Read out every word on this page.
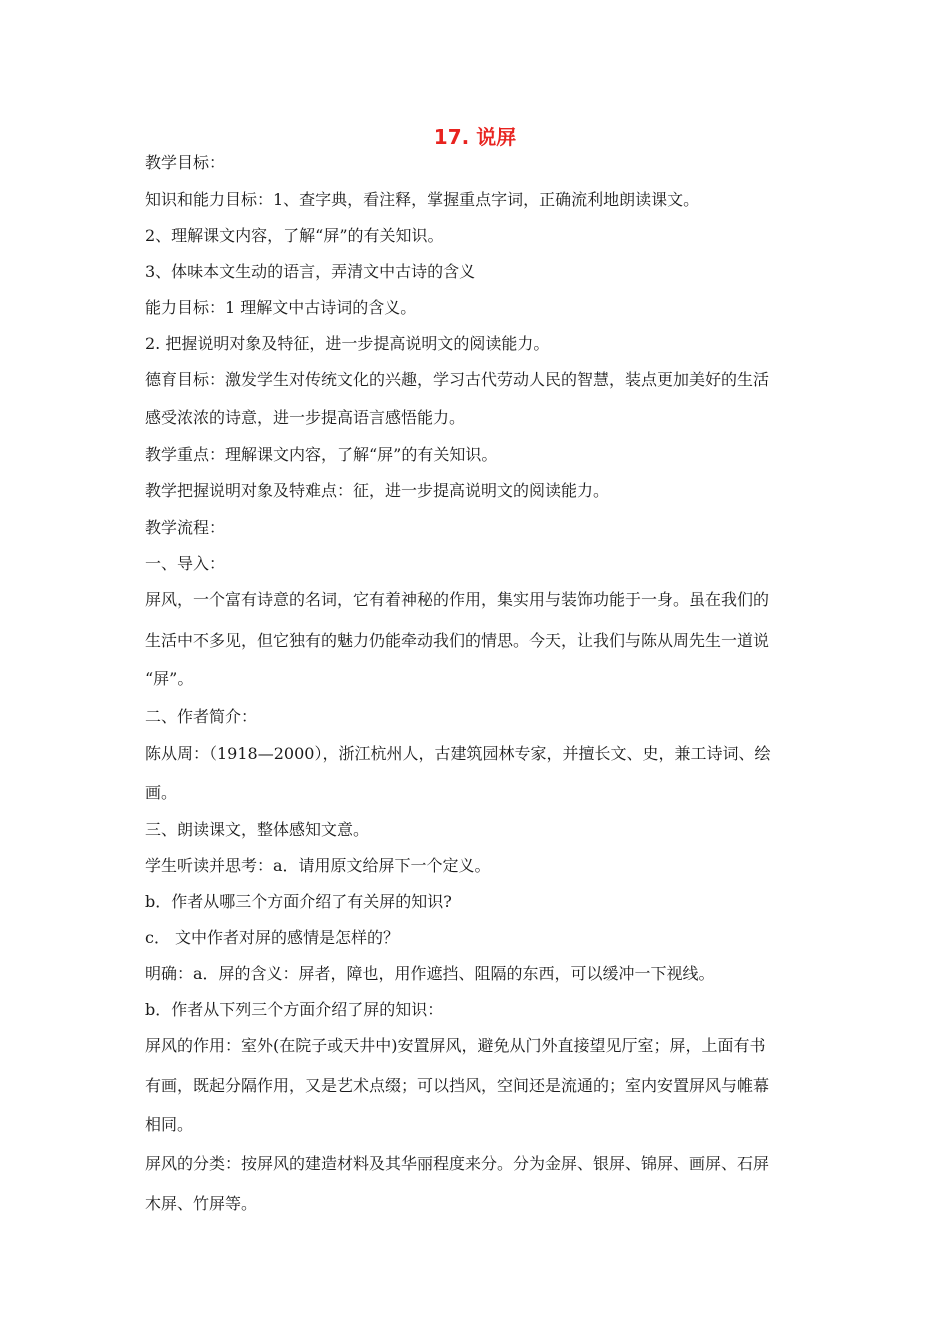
17. 说屏
教学目标：
知识和能力目标：1、查字典，看注释，掌握重点字词，正确流利地朗读课文。
2、理解课文内容，了解“屏”的有关知识。
3、体味本文生动的语言，弄清文中古诗的含义
能力目标：1 理解文中古诗词的含义。
2. 把握说明对象及特征，进一步提高说明文的阅读能力。
德育目标：激发学生对传统文化的兴趣，学习古代劳动人民的智慧，装点更加美好的生活
感受浓浓的诗意，进一步提高语言感悟能力。
教学重点：理解课文内容，了解“屏”的有关知识。
教学把握说明对象及特难点：征，进一步提高说明文的阅读能力。
教学流程：
一、导入：
屏风，一个富有诗意的名词，它有着神秘的作用，集实用与装饰功能于一身。虽在我们的
生活中不多见，但它独有的魅力仍能牵动我们的情思。今天，让我们与陈从周先生一道说
“屏”。
二、作者简介：
陈从周：（1918—2000），浙江杭州人，古建筑园林专家，并擅长文、史，兼工诗词、绘
画。
三、朗读课文，整体感知文意。
学生听读并思考：a．请用原文给屏下一个定义。
b．作者从哪三个方面介绍了有关屏的知识?
c． 文中作者对屏的感情是怎样的？
明确：a．屏的含义：屏者，障也，用作遮挡、阻隔的东西，可以缓冲一下视线。
b．作者从下列三个方面介绍了屏的知识：
屏风的作用：室外(在院子或天井中)安置屏风，避免从门外直接望见厅室；屏，上面有书
有画，既起分隔作用，又是艺术点缀；可以挡风，空间还是流通的；室内安置屏风与帷幕
相同。
屏风的分类：按屏风的建造材料及其华丽程度来分。分为金屏、银屏、锦屏、画屏、石屏
木屏、竹屏等。
